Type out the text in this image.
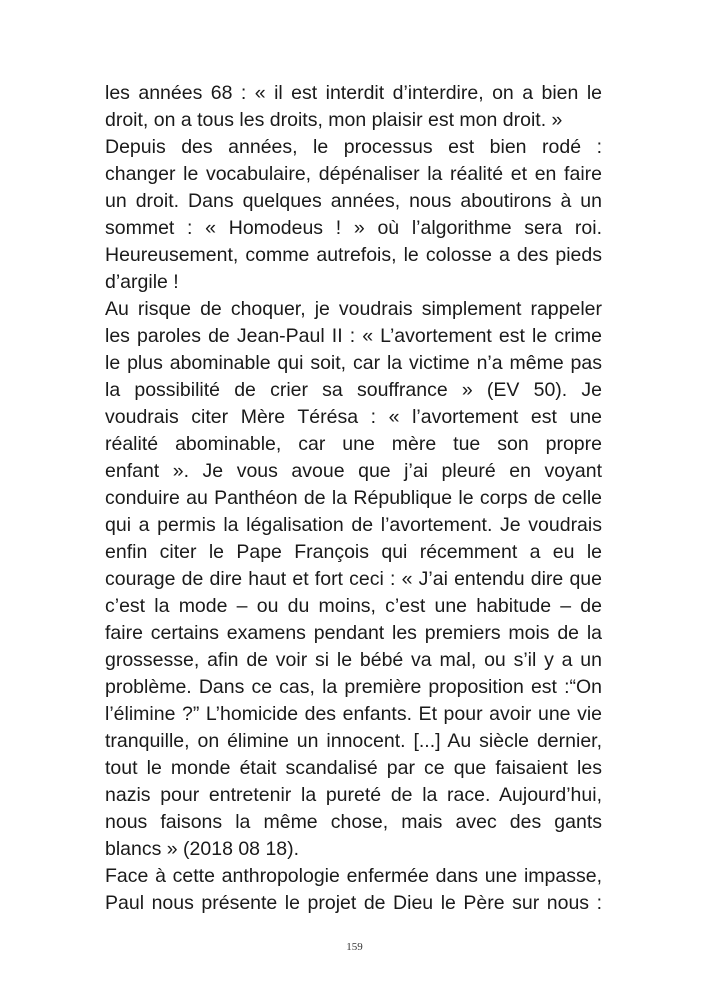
les années 68 : « il est interdit d’interdire, on a bien le
droit, on a tous les droits, mon plaisir est mon droit. »
Depuis des années, le processus est bien rodé :
changer le vocabulaire, dépénaliser la réalité et en faire
un droit. Dans quelques années, nous aboutirons à un
sommet : « Homodeus ! » où l’algorithme sera roi.
Heureusement, comme autrefois, le colosse a des pieds
d’argile !
Au risque de choquer, je voudrais simplement rappeler
les paroles de Jean-Paul II : « L’avortement est le crime
le plus abominable qui soit, car la victime n’a même pas
la possibilité de crier sa souffrance » (EV 50). Je
voudrais citer Mère Térésa : « l’avortement est une
réalité abominable, car une mère tue son propre
enfant ». Je vous avoue que j’ai pleuré en voyant
conduire au Panthéon de la République le corps de celle
qui a permis la légalisation de l’avortement. Je voudrais
enfin citer le Pape François qui récemment a eu le
courage de dire haut et fort ceci : « J’ai entendu dire que
c’est la mode – ou du moins, c’est une habitude – de
faire certains examens pendant les premiers mois de la
grossesse, afin de voir si le bébé va mal, ou s’il y a un
problème. Dans ce cas, la première proposition est :“On
l’élimine ?” L’homicide des enfants. Et pour avoir une vie
tranquille, on élimine un innocent. [...] Au siècle dernier,
tout le monde était scandalisé par ce que faisaient les
nazis pour entretenir la pureté de la race. Aujourd’hui,
nous faisons la même chose, mais avec des gants
blancs » (2018 08 18).
Face à cette anthropologie enfermée dans une impasse,
Paul nous présente le projet de Dieu le Père sur nous :
159
